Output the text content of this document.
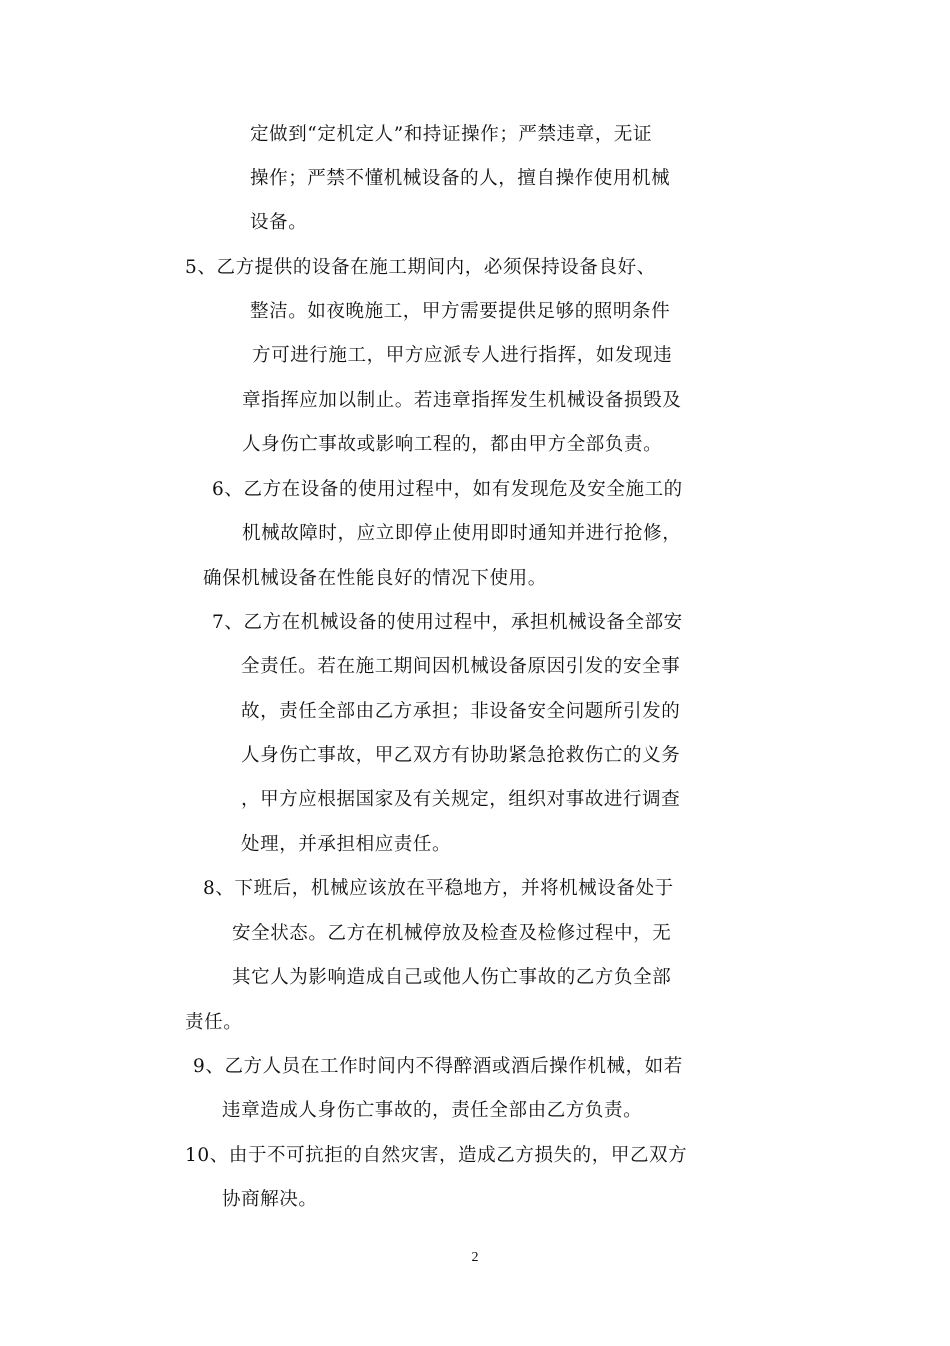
定做到“定机定人”和持证操作；严禁违章，无证
操作；严禁不懂机械设备的人，擅自操作使用机械
设备。
5、乙方提供的设备在施工期间内，必须保持设备良好、
整洁。如夜晚施工，甲方需要提供足够的照明条件
方可进行施工，甲方应派专人进行指挥，如发现违
章指挥应加以制止。若违章指挥发生机械设备损毁及
人身伤亡事故或影响工程的，都由甲方全部负责。
6、乙方在设备的使用过程中，如有发现危及安全施工的
机械故障时，应立即停止使用即时通知并进行抢修，
确保机械设备在性能良好的情况下使用。
7、乙方在机械设备的使用过程中，承担机械设备全部安
全责任。若在施工期间因机械设备原因引发的安全事
故，责任全部由乙方承担；非设备安全问题所引发的
人身伤亡事故，甲乙双方有协助紧急抢救伤亡的义务
，甲方应根据国家及有关规定，组织对事故进行调查
处理，并承担相应责任。
8、下班后，机械应该放在平稳地方，并将机械设备处于
安全状态。乙方在机械停放及检查及检修过程中，无
其它人为影响造成自己或他人伤亡事故的乙方负全部
责任。
9、乙方人员在工作时间内不得醉酒或酒后操作机械，如若
违章造成人身伤亡事故的，责任全部由乙方负责。
10、由于不可抗拒的自然灾害，造成乙方损失的，甲乙双方
协商解决。
2
